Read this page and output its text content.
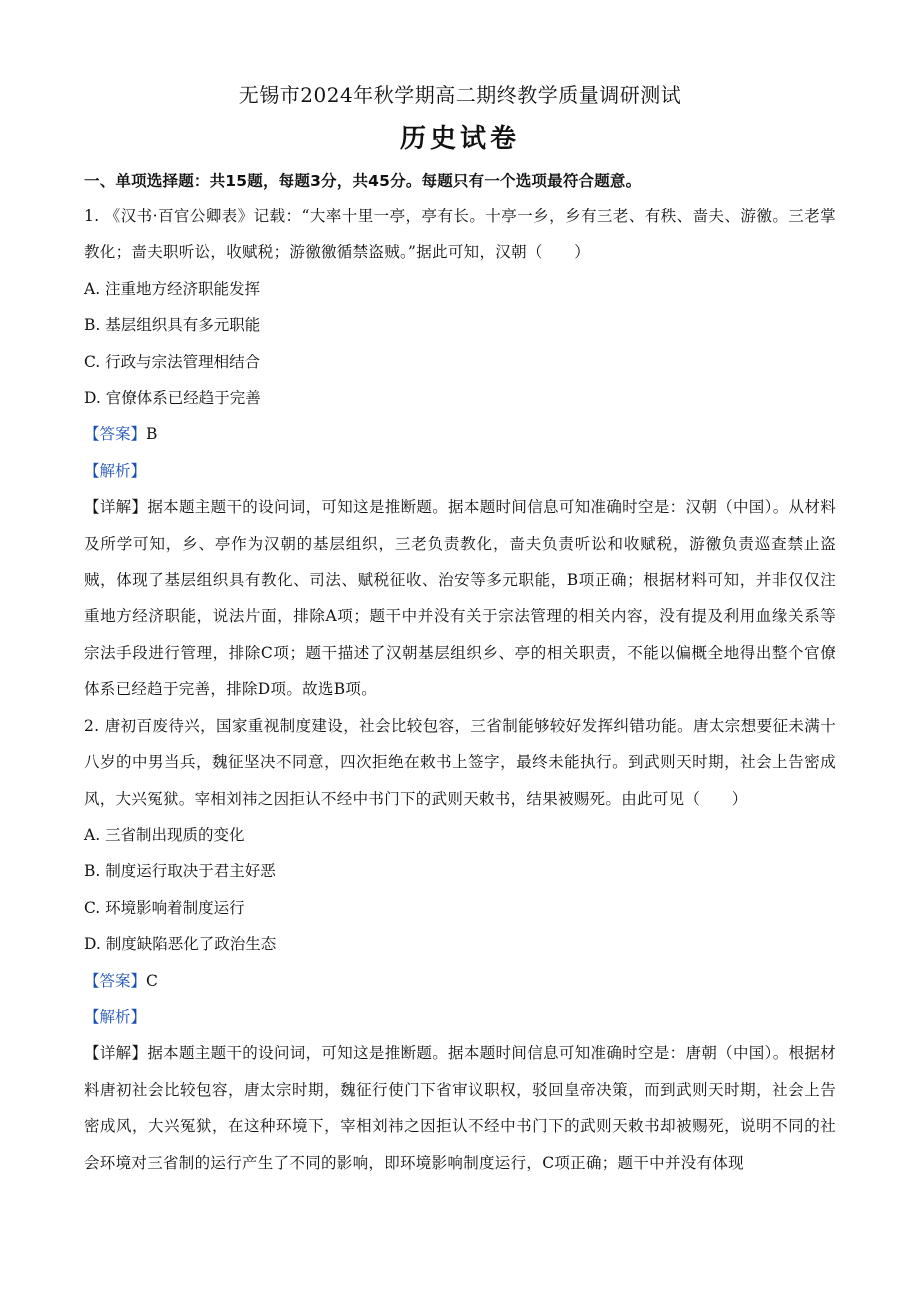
无锡市2024年秋学期高二期终教学质量调研测试

历史试卷

一、单项选择题：共15题，每题3分，共45分。每题只有一个选项最符合题意。

1. 《汉书·百官公卿表》记载：“大率十里一亭，亭有长。十亭一乡，乡有三老、有秩、啬夫、游徼。三老掌教化；啬夫职听讼，收赋税；游徼徼循禁盗贼。”据此可知，汉朝（　　）

A. 注重地方经济职能发挥

B. 基层组织具有多元职能

C. 行政与宗法管理相结合

D. 官僚体系已经趋于完善

【答案】B

【解析】

【详解】据本题主题干的设问词，可知这是推断题。据本题时间信息可知准确时空是：汉朝（中国）。从材料及所学可知，乡、亭作为汉朝的基层组织，三老负责教化，啬夫负责听讼和收赋税，游徼负责巡查禁止盗贼，体现了基层组织具有教化、司法、赋税征收、治安等多元职能，B项正确；根据材料可知，并非仅仅注重地方经济职能，说法片面，排除A项；题干中并没有关于宗法管理的相关内容，没有提及利用血缘关系等宗法手段进行管理，排除C项；题干描述了汉朝基层组织乡、亭的相关职责，不能以偏概全地得出整个官僚体系已经趋于完善，排除D项。故选B项。

2. 唐初百废待兴，国家重视制度建设，社会比较包容，三省制能够较好发挥纠错功能。唐太宗想要征未满十八岁的中男当兵，魏征坚决不同意，四次拒绝在敕书上签字，最终未能执行。到武则天时期，社会上告密成风，大兴冤狱。宰相刘祎之因拒认不经中书门下的武则天敕书，结果被赐死。由此可见（　　）

A. 三省制出现质的变化

B. 制度运行取决于君主好恶

C. 环境影响着制度运行

D. 制度缺陷恶化了政治生态

【答案】C

【解析】

【详解】据本题主题干的设问词，可知这是推断题。据本题时间信息可知准确时空是：唐朝（中国）。根据材料唐初社会比较包容，唐太宗时期，魏征行使门下省审议职权，驳回皇帝决策，而到武则天时期，社会上告密成风，大兴冤狱，在这种环境下，宰相刘祎之因拒认不经中书门下的武则天敕书却被赐死，说明不同的社会环境对三省制的运行产生了不同的影响，即环境影响制度运行，C项正确；题干中并没有体现
